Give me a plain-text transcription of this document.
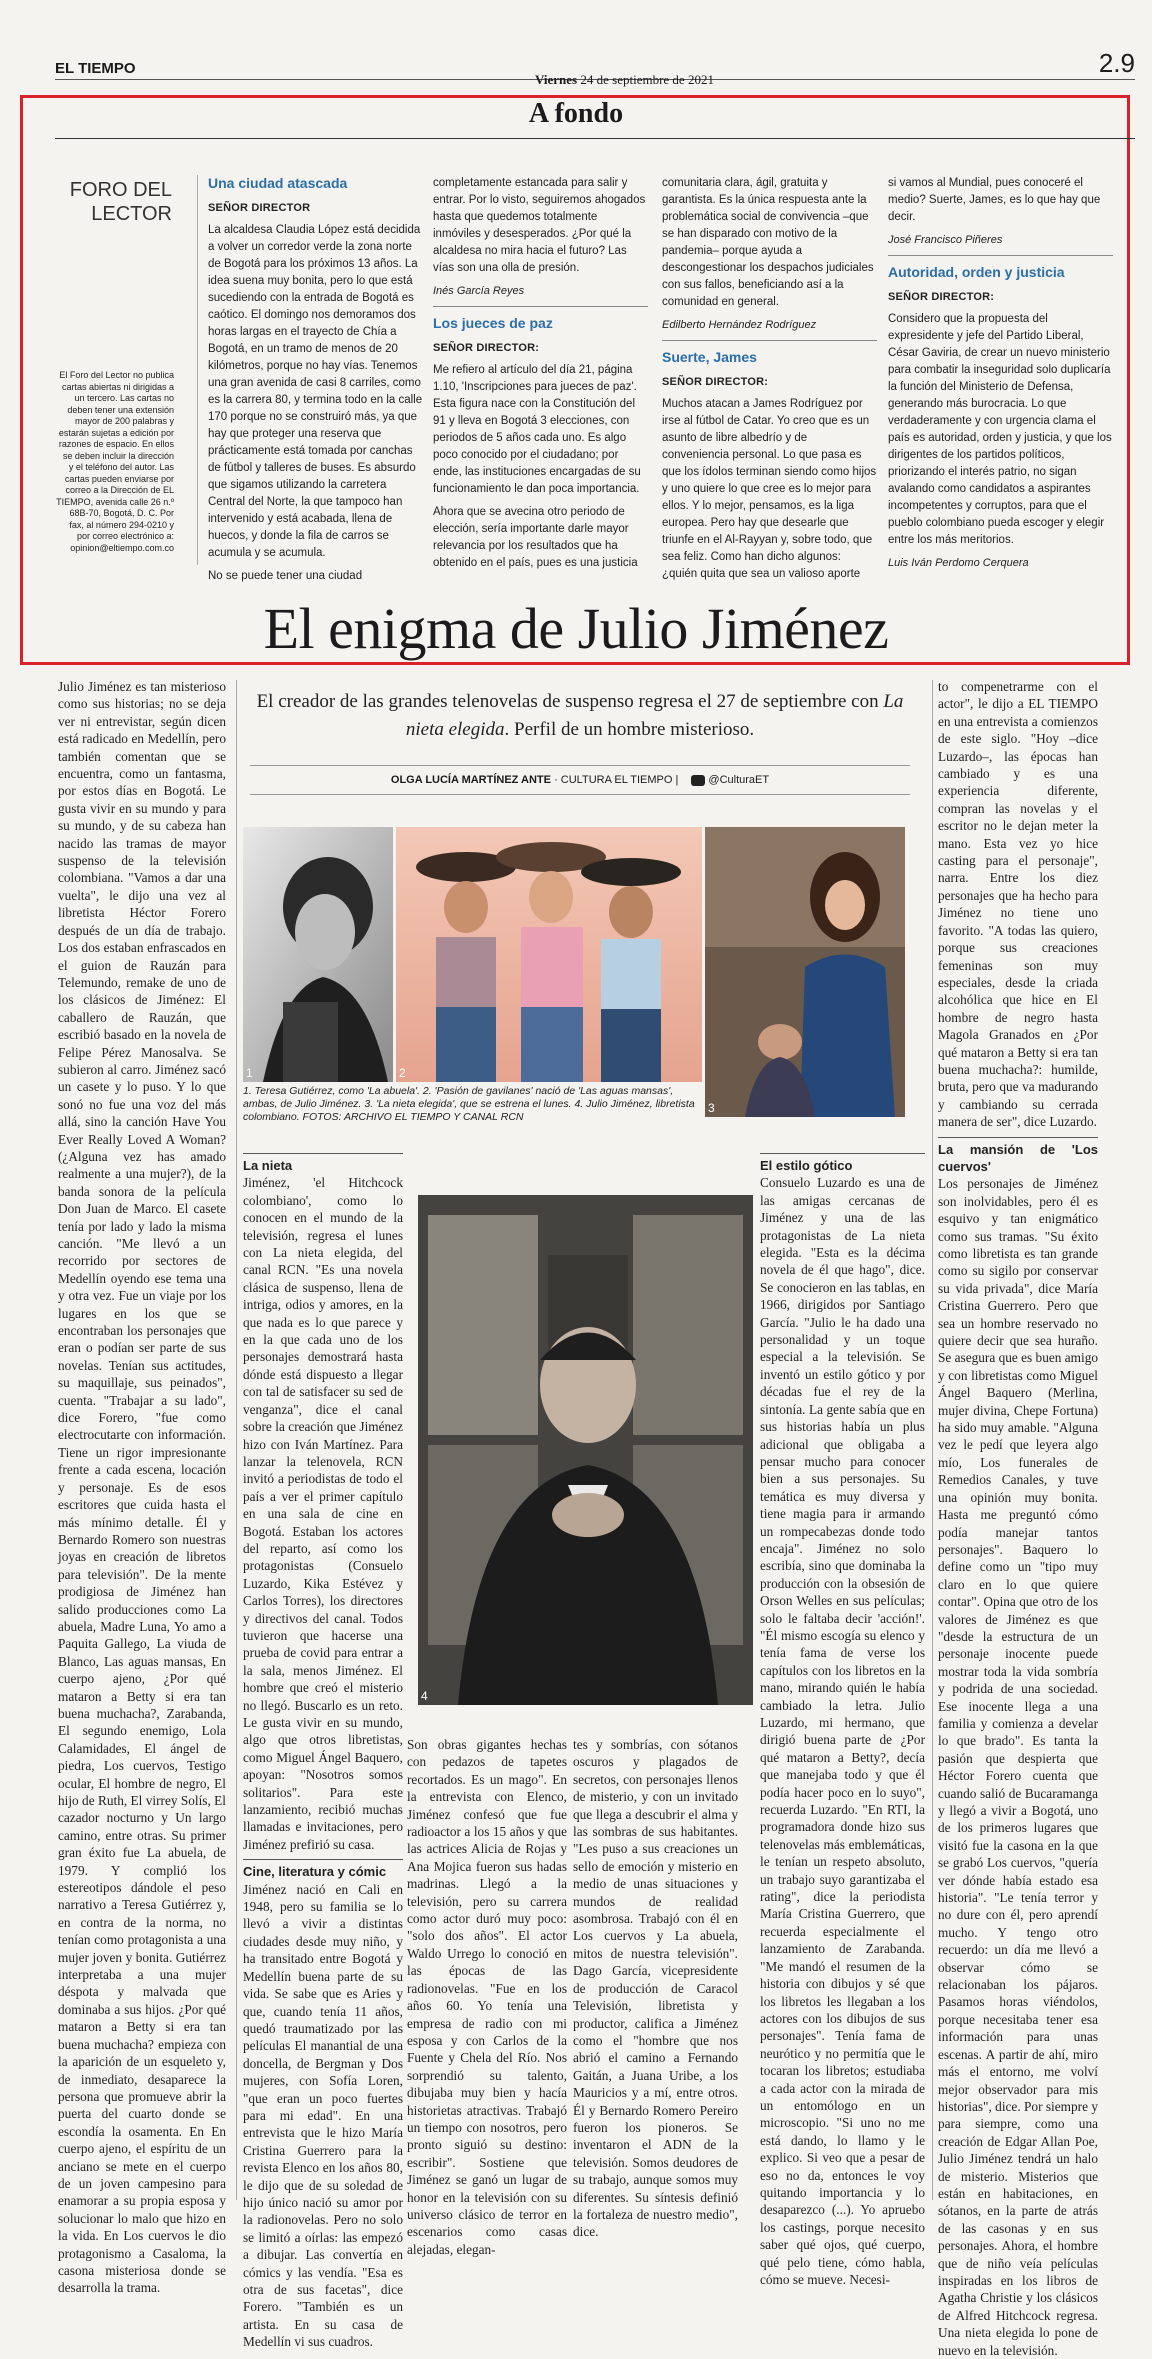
EL TIEMPO
Viernes 24 de septiembre de 2021
2.9
A fondo
FORO DEL
LECTOR
El Foro del Lector no publica cartas abiertas ni dirigidas a un tercero. Las cartas no deben tener una extensión mayor de 200 palabras y estarán sujetas a edición por razones de espacio. En ellos se deben incluir la dirección y el teléfono del autor. Las cartas pueden enviarse por correo a la Dirección de EL TIEMPO, avenida calle 26 n.º 68B-70, Bogotá, D. C. Por fax, al número 294-0210 y por correo electrónico a: opinion@eltiempo.com.co
Una ciudad atascada
SEÑOR DIRECTOR

La alcaldesa Claudia López está decidida a volver un corredor verde la zona norte de Bogotá para los próximos 13 años. La idea suena muy bonita, pero lo que está sucediendo con la entrada de Bogotá es caótico. El domingo nos demoramos dos horas largas en el trayecto de Chía a Bogotá, en un tramo de menos de 20 kilómetros, porque no hay vías. Tenemos una gran avenida de casi 8 carriles, como es la carrera 80, y termina todo en la calle 170 porque no se construiró más, ya que hay que proteger una reserva que prácticamente está tomada por canchas de fútbol y talleres de buses. Es absurdo que sigamos utilizando la carretera Central del Norte, la que tampoco han intervenido y está acabada, llena de huecos, y donde la fila de carros se acumula y se acumula.

No se puede tener una ciudad

completamente estancada para salir y entrar. Por lo visto, seguiremos ahogados hasta que quedemos totalmente inmóviles y desesperados. ¿Por qué la alcaldesa no mira hacia el futuro? Las vías son una olla de presión.

Inés García Reyes
Los jueces de paz
SEÑOR DIRECTOR:

Me refiero al artículo del día 21, página 1.10, 'Inscripciones para jueces de paz'. Esta figura nace con la Constitución del 91 y lleva en Bogotá 3 elecciones, con periodos de 5 años cada uno. Es algo poco conocido por el ciudadano; por ende, las instituciones encargadas de su funcionamiento le dan poca importancia.

Ahora que se avecina otro periodo de elección, sería importante darle mayor relevancia por los resultados que ha obtenido en el país, pues es una justicia

comunitaria clara, ágil, gratuita y garantista. Es la única respuesta ante la problemática social de convivencia –que se han disparado con motivo de la pandemia– porque ayuda a descongestionar los despachos judiciales con sus fallos, beneficiando así a la comunidad en general.

Edilberto Hernández Rodríguez
Suerte, James
SEÑOR DIRECTOR:

Muchos atacan a James Rodríguez por irse al fútbol de Catar. Yo creo que es un asunto de libre albedrío y de conveniencia personal. Lo que pasa es que los ídolos terminan siendo como hijos y uno quiere lo que cree es lo mejor para ellos. Y lo mejor, pensamos, es la liga europea. Pero hay que desearle que triunfe en el Al-Rayyan y, sobre todo, que sea feliz. Como han dicho algunos: ¿quién quita que sea un valioso aporte

si vamos al Mundial, pues conoceré el medio? Suerte, James, es lo que hay que decir.

José Francisco Piñeres
Autoridad, orden y justicia
SEÑOR DIRECTOR:

Considero que la propuesta del expresidente y jefe del Partido Liberal, César Gaviria, de crear un nuevo ministerio para combatir la inseguridad solo duplicaría la función del Ministerio de Defensa, generando más burocracia. Lo que verdaderamente y con urgencia clama el país es autoridad, orden y justicia, y que los dirigentes de los partidos políticos, priorizando el interés patrio, no sigan avalando como candidatos a aspirantes incompetentes y corruptos, para que el pueblo colombiano pueda escoger y elegir entre los más meritorios.

Luis Iván Perdomo Cerquera
El enigma de Julio Jiménez

Julio Jiménez es tan misterioso como sus historias; no se deja ver ni entrevistar, según dicen está radicado en Medellín, pero también comentan que se encuentra, como un fantasma, por estos días en Bogotá. Le gusta vivir en su mundo y para su mundo, y de su cabeza han nacido las tramas de mayor suspenso de la televisión colombiana. "Vamos a dar una vuelta", le dijo una vez al libretista Héctor Forero después de un día de trabajo. Los dos estaban enfrascados en el guion de Rauzán para Telemundo, remake de uno de los clásicos de Jiménez: El caballero de Rauzán, que escribió basado en la novela de Felipe Pérez Manosalva. Se subieron al carro. Jiménez sacó un casete y lo puso. Y lo que sonó no fue una voz del más allá, sino la canción Have You Ever Really Loved A Woman? (¿Alguna vez has amado realmente a una mujer?), de la banda sonora de la película Don Juan de Marco. El casete tenía por lado y lado la misma canción. "Me llevó a un recorrido por sectores de Medellín oyendo ese tema una y otra vez. Fue un viaje por los lugares en los que se encontraban los personajes que eran o podían ser parte de sus novelas. Tenían sus actitudes, su maquillaje, sus peinados", cuenta. "Trabajar a su lado", dice Forero, "fue como electrocutarte con información. Tiene un rigor impresionante frente a cada escena, locación y personaje. Es de esos escritores que cuida hasta el más mínimo detalle. Él y Bernardo Romero son nuestras joyas en creación de libretos para televisión". De la mente prodigiosa de Jiménez han salido producciones como La abuela, Madre Luna, Yo amo a Paquita Gallego, La viuda de Blanco, Las aguas mansas, En cuerpo ajeno, ¿Por qué mataron a Betty si era tan buena muchacha?, Zarabanda, El segundo enemigo, Lola Calamidades, El ángel de piedra, Los cuervos, Testigo ocular, El hombre de negro, El hijo de Ruth, El virrey Solís, El cazador nocturno y Un largo camino, entre otras. Su primer gran éxito fue La abuela, de 1979. Y complió los estereotipos dándole el peso narrativo a Teresa Gutiérrez y, en contra de la norma, no tenían como protagonista a una mujer joven y bonita. Gutiérrez interpretaba a una mujer déspota y malvada que dominaba a sus hijos. ¿Por qué mataron a Betty si era tan buena muchacha? empieza con la aparición de un esqueleto y, de inmediato, desaparece la persona que promueve abrir la puerta del cuarto donde se escondía la osamenta. En En cuerpo ajeno, el espíritu de un anciano se mete en el cuerpo de un joven campesino para enamorar a su propia esposa y solucionar lo malo que hizo en la vida. En Los cuervos le dio protagonismo a Casaloma, la casona misteriosa donde se desarrolla la trama.

El creador de las grandes telenovelas de suspenso regresa el 27 de septiembre con La nieta elegida. Perfil de un hombre misterioso.
OLGA LUCÍA MARTÍNEZ ANTE · CULTURA EL TIEMPO | @CulturaET
1	2
3
1. Teresa Gutiérrez, como 'La abuela'. 2. 'Pasión de gavilanes' nació de 'Las aguas mansas', ambas, de Julio Jiménez. 3. 'La nieta elegida', que se estrena el lunes. 4. Julio Jiménez, libretista colombiano. FOTOS: ARCHIVO EL TIEMPO Y CANAL RCN
4
La nieta

Jiménez, 'el Hitchcock colombiano', como lo conocen en el mundo de la televisión, regresa el lunes con La nieta elegida, del canal RCN. "Es una novela clásica de suspenso, llena de intriga, odios y amores, en la que nada es lo que parece y en la que cada uno de los personajes demostrará hasta dónde está dispuesto a llegar con tal de satisfacer su sed de venganza", dice el canal sobre la creación que Jiménez hizo con Iván Martínez. Para lanzar la telenovela, RCN invitó a periodistas de todo el país a ver el primer capítulo en una sala de cine en Bogotá. Estaban los actores del reparto, así como los protagonistas (Consuelo Luzardo, Kika Estévez y Carlos Torres), los directores y directivos del canal. Todos tuvieron que hacerse una prueba de covid para entrar a la sala, menos Jiménez. El hombre que creó el misterio no llegó. Buscarlo es un reto. Le gusta vivir en su mundo, algo que otros libretistas, como Miguel Ángel Baquero, apoyan: "Nosotros somos solitarios". Para este lanzamiento, recibió muchas llamadas e invitaciones, pero Jiménez prefirió su casa.

Cine, literatura y cómic

Jiménez nació en Cali en 1948, pero su familia se lo llevó a vivir a distintas ciudades desde muy niño, y ha transitado entre Bogotá y Medellín buena parte de su vida. Se sabe que es Aries y que, cuando tenía 11 años, quedó traumatizado por las películas El manantial de una doncella, de Bergman y Dos mujeres, con Sofía Loren, "que eran un poco fuertes para mi edad". En una entrevista que le hizo María Cristina Guerrero para la revista Elenco en los años 80, le dijo que de su soledad de hijo único nació su amor por la radionovelas. Pero no solo se limitó a oírlas: las empezó a dibujar. Las convertía en cómics y las vendía. "Esa es otra de sus facetas", dice Forero. "También es un artista. En su casa de Medellín vi sus cuadros.

Son obras gigantes hechas con pedazos de tapetes recortados. Es un mago". En la entrevista con Elenco, Jiménez confesó que fue radioactor a los 15 años y que las actrices Alicia de Rojas y Ana Mojica fueron sus hadas madrinas. Llegó a la televisión, pero su carrera como actor duró muy poco: "solo dos años". El actor Waldo Urrego lo conoció en las épocas de las radionovelas. "Fue en los años 60. Yo tenía una empresa de radio con mi esposa y con Carlos de la Fuente y Chela del Río. Nos sorprendió su talento, dibujaba muy bien y hacía historietas atractivas. Trabajó un tiempo con nosotros, pero pronto siguió su destino: escribir". Sostiene que Jiménez se ganó un lugar de honor en la televisión con su universo clásico de terror en escenarios como casas alejadas, elegan-

tes y sombrías, con sótanos oscuros y plagados de secretos, con personajes llenos de misterio, y con un invitado que llega a descubrir el alma y las sombras de sus habitantes. "Les puso a sus creaciones un sello de emoción y misterio en medio de unas situaciones y mundos de realidad asombrosa. Trabajó con él en Los cuervos y La abuela, mitos de nuestra televisión". Dago García, vicepresidente de producción de Caracol Televisión, libretista y productor, califica a Jiménez como el "hombre que nos abrió el camino a Fernando Gaitán, a Juana Uribe, a los Mauricios y a mí, entre otros. Él y Bernardo Romero Pereiro fueron los pioneros. Se inventaron el ADN de la televisión. Somos deudores de su trabajo, aunque somos muy diferentes. Su síntesis definió la fortaleza de nuestro medio", dice.

El estilo gótico

Consuelo Luzardo es una de las amigas cercanas de Jiménez y una de las protagonistas de La nieta elegida. "Esta es la décima novela de él que hago", dice. Se conocieron en las tablas, en 1966, dirigidos por Santiago García. "Julio le ha dado una personalidad y un toque especial a la televisión. Se inventó un estilo gótico y por décadas fue el rey de la sintonía. La gente sabía que en sus historias había un plus adicional que obligaba a pensar mucho para conocer bien a sus personajes. Su temática es muy diversa y tiene magia para ir armando un rompecabezas donde todo encaja". Jiménez no solo escribía, sino que dominaba la producción con la obsesión de Orson Welles en sus películas; solo le faltaba decir 'acción!'. "Él mismo escogía su elenco y tenía fama de verse los capítulos con los libretos en la mano, mirando quién le había cambiado la letra. Julio Luzardo, mi hermano, que dirigió buena parte de ¿Por qué mataron a Betty?, decía que manejaba todo y que él podía hacer poco en lo suyo", recuerda Luzardo. "En RTI, la programadora donde hizo sus telenovelas más emblemáticas, le tenían un respeto absoluto, un trabajo suyo garantizaba el rating", dice la periodista María Cristina Guerrero, que recuerda especialmente el lanzamiento de Zarabanda. "Me mandó el resumen de la historia con dibujos y sé que los libretos les llegaban a los actores con los dibujos de sus personajes". Tenía fama de neurótico y no permitía que le tocaran los libretos; estudiaba a cada actor con la mirada de un entomólogo en un microscopio. "Si uno no me está dando, lo llamo y le explico. Si veo que a pesar de eso no da, entonces le voy quitando importancia y lo desaparezco (...). Yo apruebo los castings, porque necesito saber qué ojos, qué cuerpo, qué pelo tiene, cómo habla, cómo se mueve. Necesi-

to compenetrarme con el actor", le dijo a EL TIEMPO en una entrevista a comienzos de este siglo. "Hoy –dice Luzardo–, las épocas han cambiado y es una experiencia diferente, compran las novelas y el escritor no le dejan meter la mano. Esta vez yo hice casting para el personaje", narra. Entre los diez personajes que ha hecho para Jiménez no tiene uno favorito. "A todas las quiero, porque sus creaciones femeninas son muy especiales, desde la criada alcohólica que hice en El hombre de negro hasta Magola Granados en ¿Por qué mataron a Betty si era tan buena muchacha?: humilde, bruta, pero que va madurando y cambiando su cerrada manera de ser", dice Luzardo.

La mansión de 'Los cuervos'

Los personajes de Jiménez son inolvidables, pero él es esquivo y tan enigmático como sus tramas. "Su éxito como libretista es tan grande como su sigilo por conservar su vida privada", dice María Cristina Guerrero. Pero que sea un hombre reservado no quiere decir que sea huraño. Se asegura que es buen amigo y con libretistas como Miguel Ángel Baquero (Merlina, mujer divina, Chepe Fortuna) ha sido muy amable. "Alguna vez le pedí que leyera algo mío, Los funerales de Remedios Canales, y tuve una opinión muy bonita. Hasta me preguntó cómo podía manejar tantos personajes". Baquero lo define como un "tipo muy claro en lo que quiere contar". Opina que otro de los valores de Jiménez es que "desde la estructura de un personaje inocente puede mostrar toda la vida sombría y podrida de una sociedad. Ese inocente llega a una familia y comienza a develar lo que brado". Es tanta la pasión que despierta que Héctor Forero cuenta que cuando salió de Bucaramanga y llegó a vivir a Bogotá, uno de los primeros lugares que visitó fue la casona en la que se grabó Los cuervos, "quería ver dónde había estado esa historia". "Le tenía terror y no dure con él, pero aprendí mucho. Y tengo otro recuerdo: un día me llevó a observar cómo se relacionaban los pájaros. Pasamos horas viéndolos, porque necesitaba tener esa información para unas escenas. A partir de ahí, miro más el entorno, me volví mejor observador para mis historias", dice. Por siempre y para siempre, como una creación de Edgar Allan Poe, Julio Jiménez tendrá un halo de misterio. Misterios que están en habitaciones, en sótanos, en la parte de atrás de las casonas y en sus personajes. Ahora, el hombre que de niño veía películas inspiradas en los libros de Agatha Christie y los clásicos de Alfred Hitchcock regresa. Una nieta elegida lo pone de nuevo en la televisión.
